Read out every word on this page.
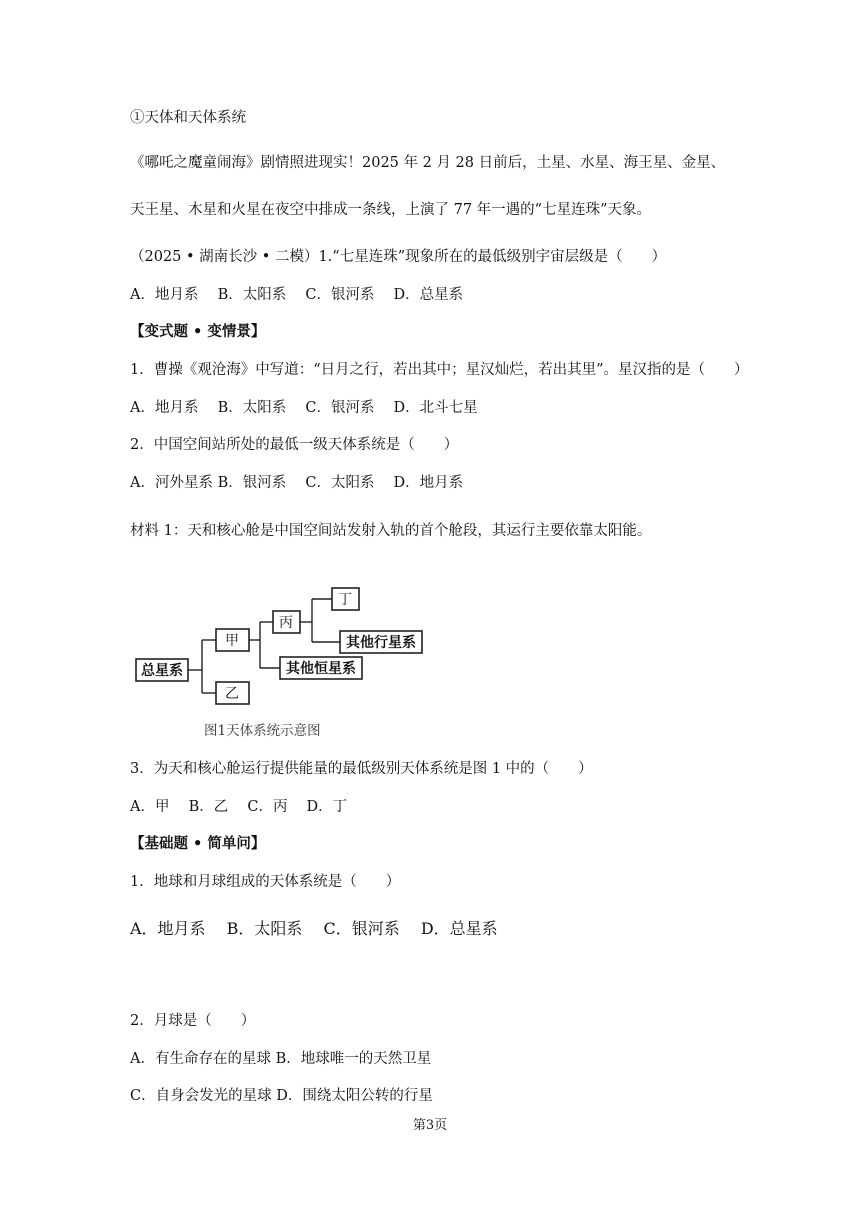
①天体和天体系统
《哪吒之魔童闹海》剧情照进现实！2025 年 2 月 28 日前后，土星、水星、海王星、金星、
天王星、木星和火星在夜空中排成一条线，上演了 77 年一遇的“七星连珠”天象。
（2025 • 湖南长沙 • 二模）1.“七星连珠”现象所在的最低级别宇宙层级是（　　）
A．地月系　 B．太阳系　 C．银河系　 D．总星系
【变式题 • 变情景】
1．曹操《观沧海》中写道：“日月之行，若出其中；星汉灿烂，若出其里”。星汉指的是（　　）
A．地月系　 B．太阳系　 C．银河系　 D．北斗七星
2．中国空间站所处的最低一级天体系统是（　　）
A．河外星系 B．银河系　 C．太阳系　 D．地月系
材料 1：天和核心舱是中国空间站发射入轨的首个舱段，其运行主要依靠太阳能。
总星系
甲
乙
丙
丁
其他恒星系
其他行星系
图1天体系统示意图
3．为天和核心舱运行提供能量的最低级别天体系统是图 1 中的（　　）
A．甲　 B．乙　 C．丙　 D．丁
【基础题 • 简单问】
1．地球和月球组成的天体系统是（　　）
A．地月系　 B．太阳系　 C．银河系　 D．总星系
2．月球是（　　）
A．有生命存在的星球 B．地球唯一的天然卫星
C．自身会发光的星球 D．围绕太阳公转的行星
第3页
